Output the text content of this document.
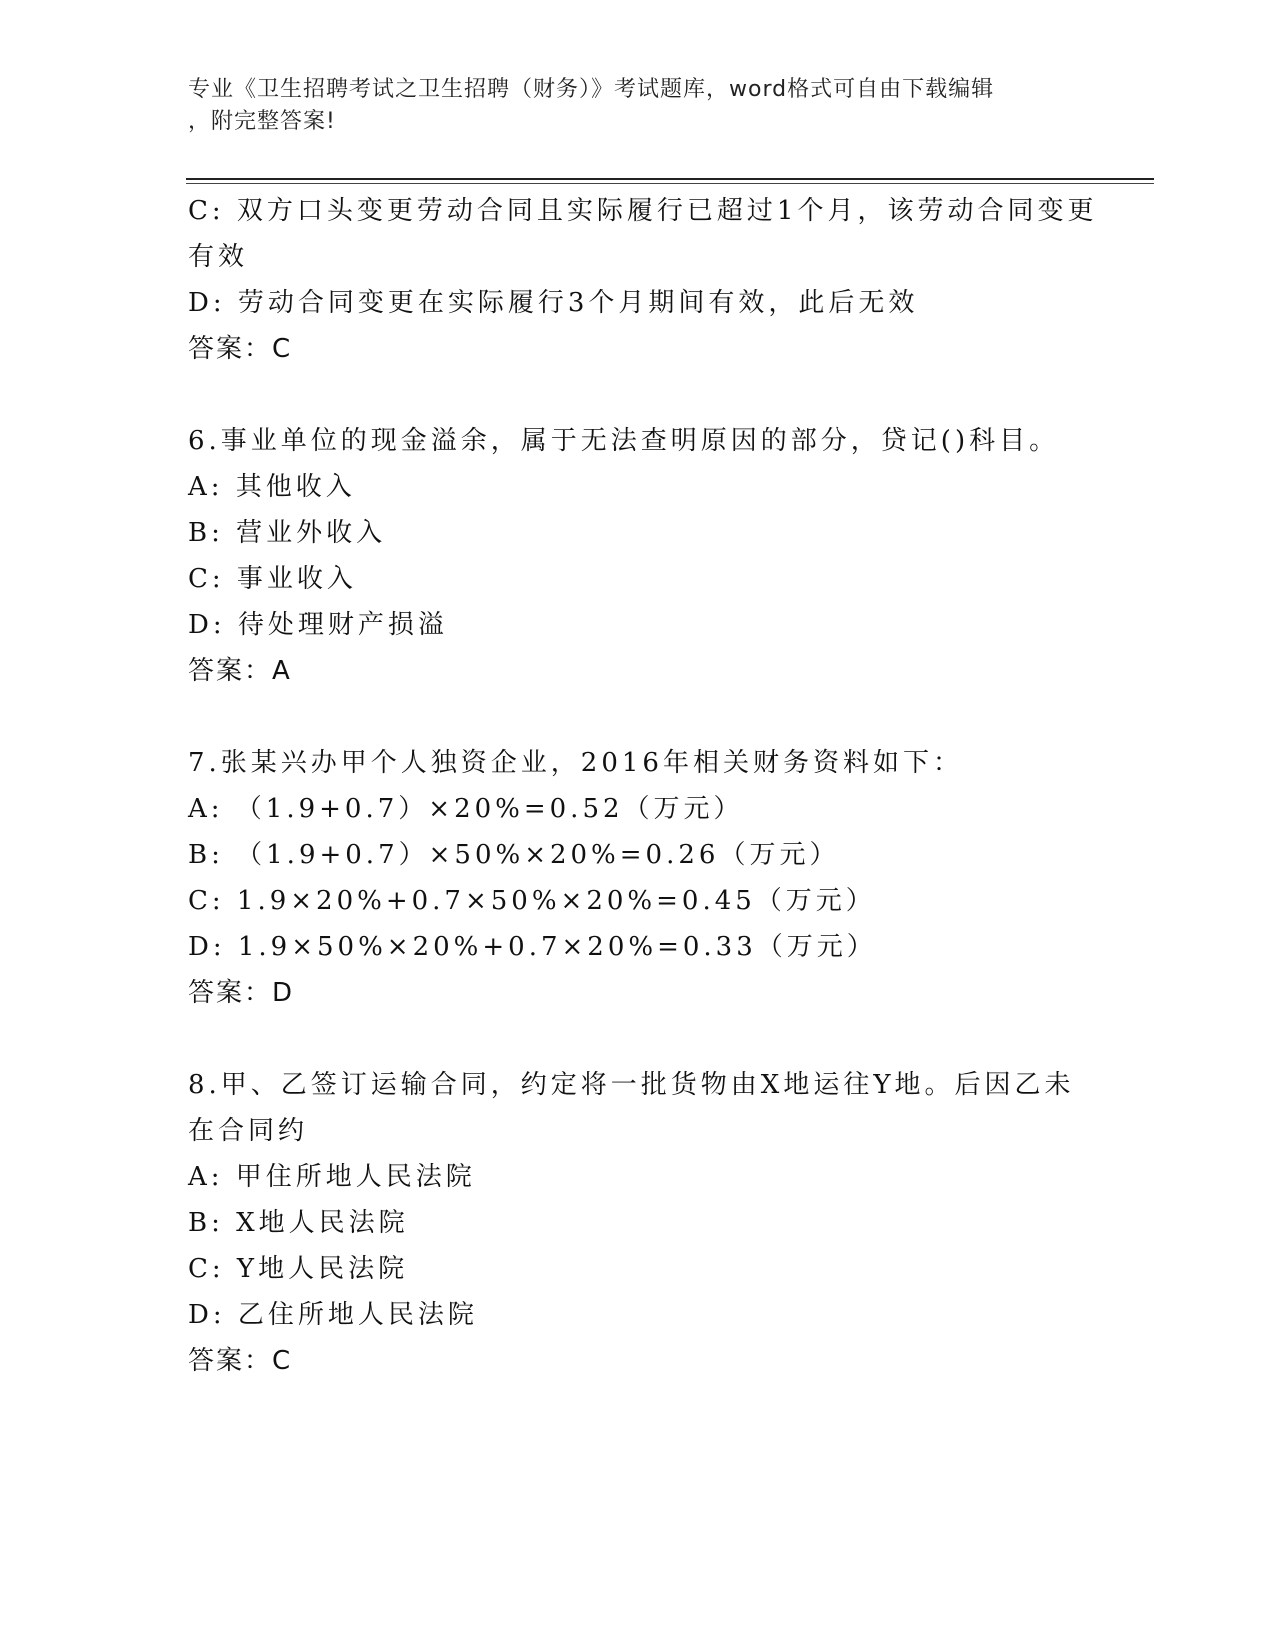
专业《卫生招聘考试之卫生招聘（财务）》考试题库，word格式可自由下载编辑
，附完整答案!
C: 双方口头变更劳动合同且实际履行已超过1个月，该劳动合同变更
有效
D: 劳动合同变更在实际履行3个月期间有效，此后无效
答案：C
6.事业单位的现金溢余，属于无法查明原因的部分，贷记()科目。
A: 其他收入
B: 营业外收入
C: 事业收入
D: 待处理财产损溢
答案：A
7.张某兴办甲个人独资企业，2016年相关财务资料如下：
A: （1.9+0.7）×20%=0.52（万元）
B: （1.9+0.7）×50%×20%=0.26（万元）
C: 1.9×20%+0.7×50%×20%=0.45（万元）
D: 1.9×50%×20%+0.7×20%=0.33（万元）
答案：D
8.甲、乙签订运输合同，约定将一批货物由X地运往Y地。后因乙未
在合同约
A: 甲住所地人民法院
B: X地人民法院
C: Y地人民法院
D: 乙住所地人民法院
答案：C
